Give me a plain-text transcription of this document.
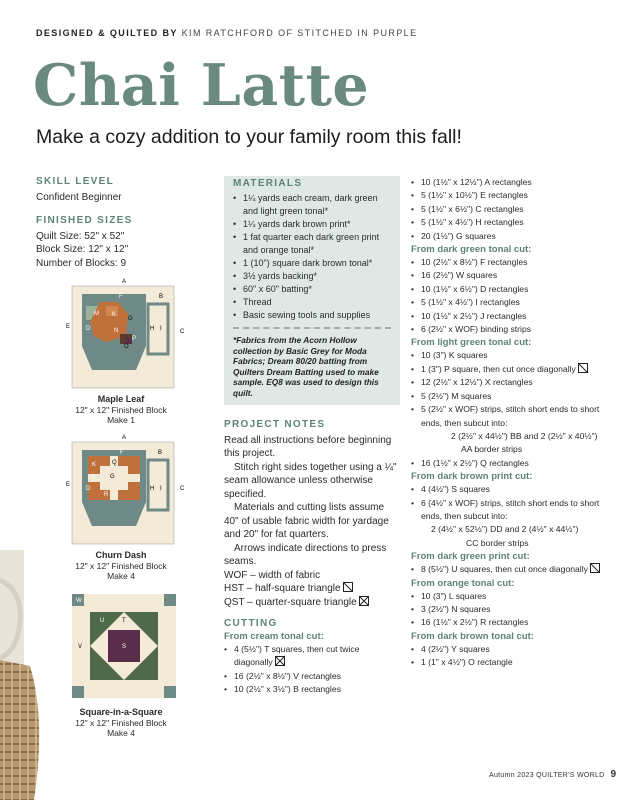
DESIGNED & QUILTED BY KIM RATCHFORD OF STITCHED IN PURPLE
Chai Latte
Make a cozy addition to your family room this fall!
SKILL LEVEL
Confident Beginner
FINISHED SIZES
Quilt Size: 52" x 52"
Block Size: 12" x 12"
Number of Blocks: 9
A
E
C
F	B
M
D
K
N
G
H I
P
O
J
Maple Leaf
12" x 12" Finished Block
Make 1
A
E
C
B
F
K	Q
L G
R
D	H I
Churn Dash
12" x 12" Finished Block
Make 4
W
U	T
S
V
Square-in-a-Square
12" x 12" Finished Block
Make 4
MATERIALS
• 1¼ yards each cream, dark green and light green tonal*
• 1¼ yards dark brown print*
• 1 fat quarter each dark green print and orange tonal*
• 1 (10") square dark brown tonal*
• 3½ yards backing*
• 60" x 60" batting*
• Thread
• Basic sewing tools and supplies
*Fabrics from the Acorn Hollow collection by Basic Grey for Moda Fabrics; Dream 80/20 batting from Quilters Dream Batting used to make sample. EQ8 was used to design this quilt.
PROJECT NOTES

Read all instructions before beginning this project.

Stitch right sides together using a ¼" seam allowance unless otherwise specified.

Materials and cutting lists assume 40" of usable fabric width for yardage and 20" for fat quarters.

Arrows indicate directions to press seams.

WOF – width of fabric

HST – half-square triangle

QST – quarter-square triangle

CUTTING
From cream tonal cut:
• 4 (5½") T squares, then cut twice diagonally
• 16 (2½" x 8½") V rectangles
• 10 (2½" x 3½") B rectangles
• 10 (1½" x 12½") A rectangles
• 5 (1½" x 10½") E rectangles
• 5 (1½" x 6½") C rectangles
• 5 (1½" x 4½") H rectangles
• 20 (1½") G squares
From dark green tonal cut:
• 10 (2½" x 8½") F rectangles
• 16 (2½") W squares
• 10 (1½" x 6½") D rectangles
• 5 (1½" x 4½") I rectangles
• 10 (1½" x 2½") J rectangles
• 6 (2½" x WOF) binding strips
From light green tonal cut:
• 10 (3") K squares
• 1 (3") P square, then cut once diagonally
• 12 (2½" x 12½") X rectangles
• 5 (2½") M squares
• 5 (2½" x WOF) strips, stitch short ends to short ends, then subcut into:
2 (2½" x 44½") BB and 2 (2½" x 40½")
AA border strips
• 16 (1½" x 2½") Q rectangles
From dark brown print cut:
• 4 (4½") S squares
• 6 (4½" x WOF) strips, stitch short ends to short ends, then subcut into:
2 (4½" x 52½") DD and 2 (4½" x 44½")
CC border strips
From dark green print cut:
• 8 (5½") U squares, then cut once diagonally
From orange tonal cut:
• 10 (3") L squares
• 3 (2½") N squares
• 16 (1½" x 2½") R rectangles
From dark brown tonal cut:
• 4 (2½") Y squares
• 1 (1" x 4½") O rectangle
Autumn 2023 QUILTER'S WORLD 9
PassionForum.ru
